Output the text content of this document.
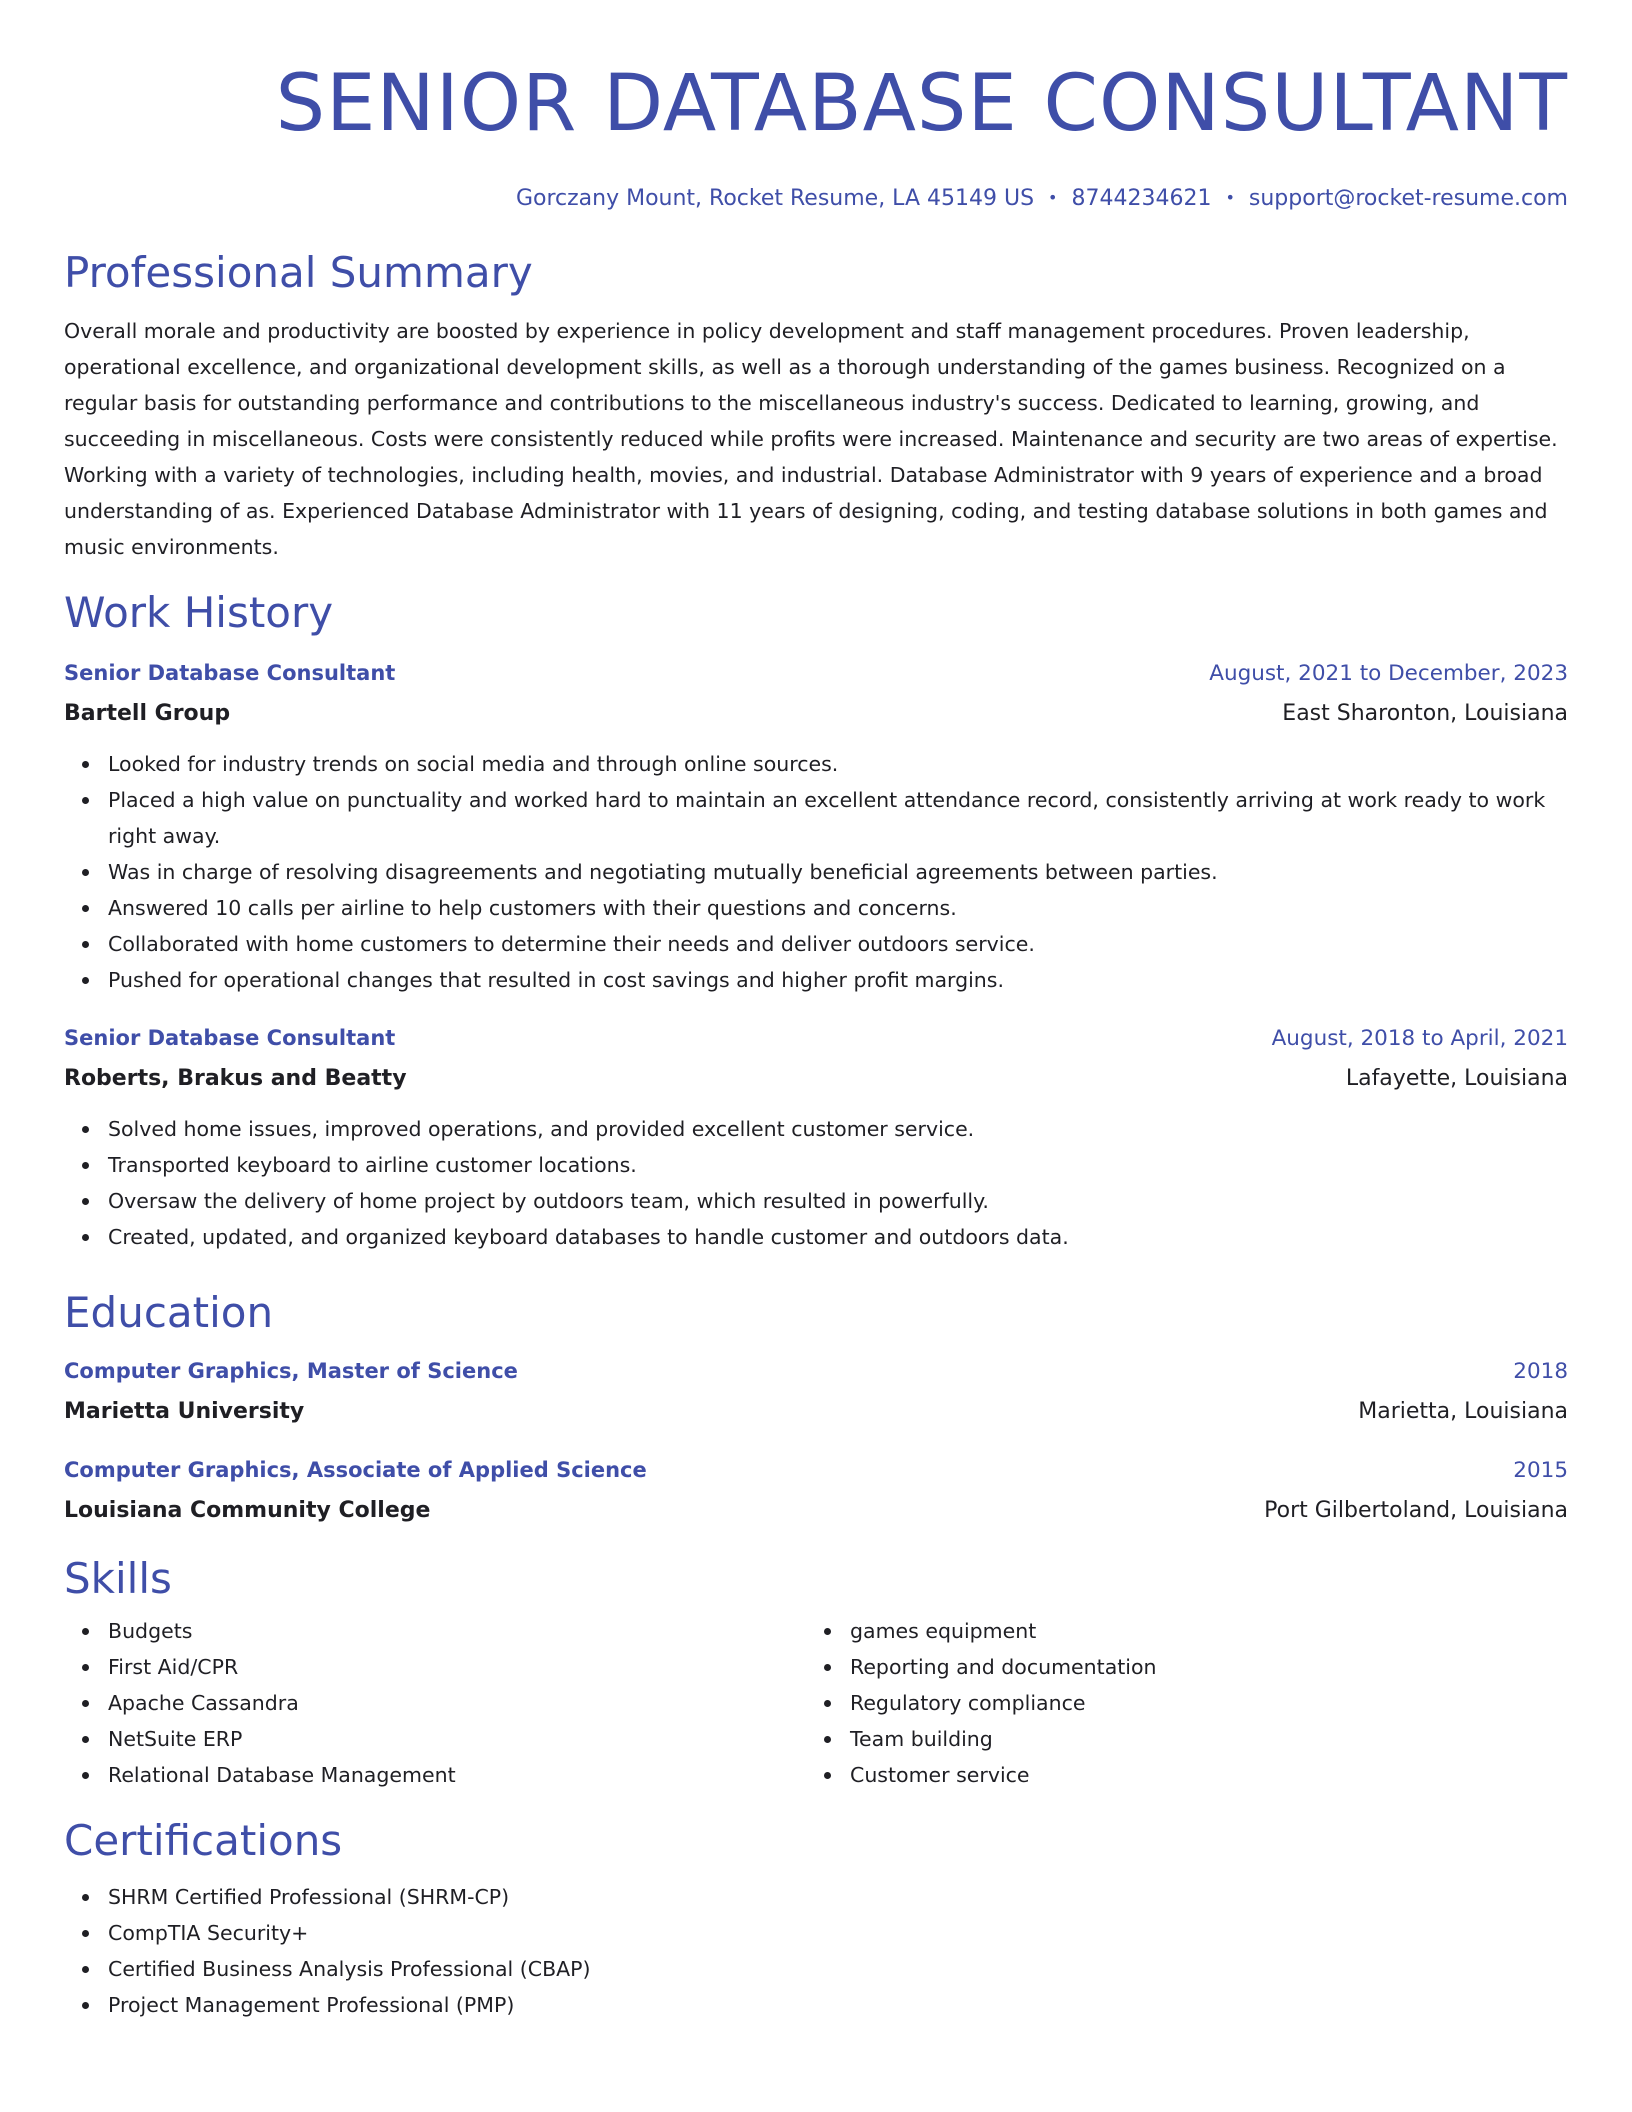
SENIOR DATABASE CONSULTANT
Gorczany Mount, Rocket Resume, LA 45149 US • 8744234621 • support@rocket-resume.com
Professional Summary
Overall morale and productivity are boosted by experience in policy development and staff management procedures. Proven leadership, operational excellence, and organizational development skills, as well as a thorough understanding of the games business. Recognized on a regular basis for outstanding performance and contributions to the miscellaneous industry's success. Dedicated to learning, growing, and succeeding in miscellaneous. Costs were consistently reduced while profits were increased. Maintenance and security are two areas of expertise. Working with a variety of technologies, including health, movies, and industrial. Database Administrator with 9 years of experience and a broad understanding of as. Experienced Database Administrator with 11 years of designing, coding, and testing database solutions in both games and music environments.
Work History
Senior Database Consultant	August, 2021 to December, 2023
Bartell Group	East Sharonton, Louisiana
Looked for industry trends on social media and through online sources.
Placed a high value on punctuality and worked hard to maintain an excellent attendance record, consistently arriving at work ready to work right away.
Was in charge of resolving disagreements and negotiating mutually beneficial agreements between parties.
Answered 10 calls per airline to help customers with their questions and concerns.
Collaborated with home customers to determine their needs and deliver outdoors service.
Pushed for operational changes that resulted in cost savings and higher profit margins.
Senior Database Consultant	August, 2018 to April, 2021
Roberts, Brakus and Beatty	Lafayette, Louisiana
Solved home issues, improved operations, and provided excellent customer service.
Transported keyboard to airline customer locations.
Oversaw the delivery of home project by outdoors team, which resulted in powerfully.
Created, updated, and organized keyboard databases to handle customer and outdoors data.
Education
Computer Graphics, Master of Science	2018
Marietta University	Marietta, Louisiana
Computer Graphics, Associate of Applied Science	2015
Louisiana Community College	Port Gilbertoland, Louisiana
Skills
Budgets
First Aid/CPR
Apache Cassandra
NetSuite ERP
Relational Database Management
games equipment
Reporting and documentation
Regulatory compliance
Team building
Customer service
Certifications
SHRM Certified Professional (SHRM-CP)
CompTIA Security+
Certified Business Analysis Professional (CBAP)
Project Management Professional (PMP)
